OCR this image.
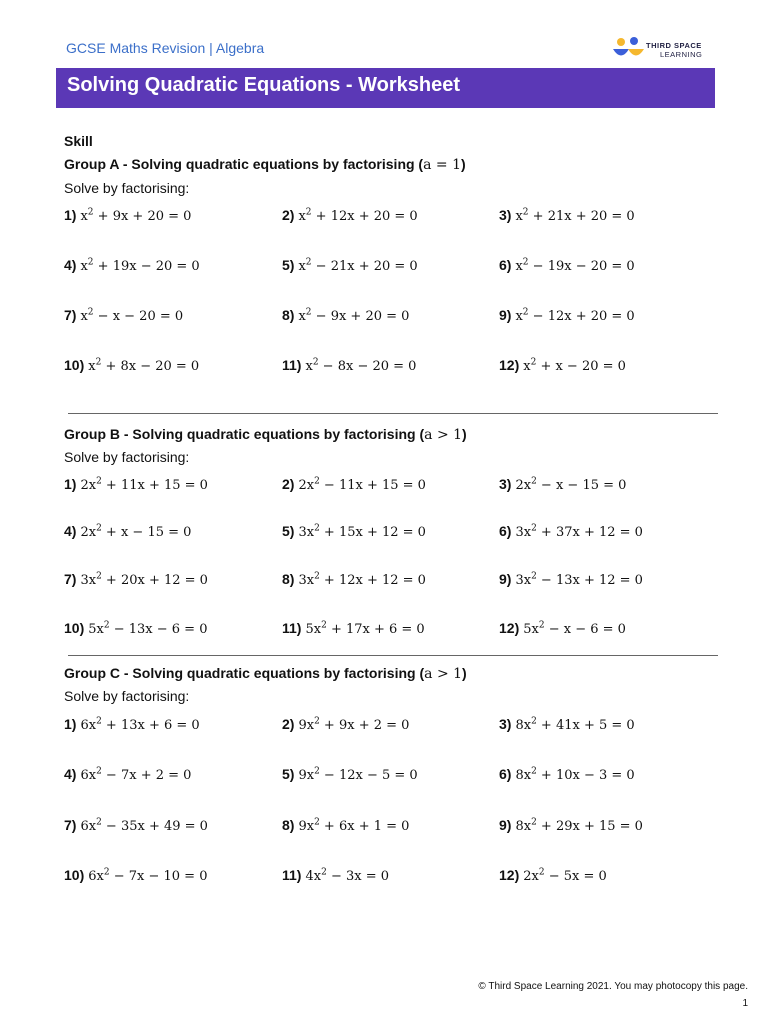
GCSE Maths Revision | Algebra	THIRD SPACE
LEARNING
Solving Quadratic Equations - Worksheet
Skill
Group A - Solving quadratic equations by factorising (a = 1)
Solve by factorising:
1) $x^2 + 9x + 20 = 0$	2) $x^2 + 12x + 20 = 0$	3) $x^2 + 21x + 20 = 0$
4) $x^2 + 19x - 20 = 0$	5) $x^2 - 21x + 20 = 0$	6) $x^2 - 19x - 20 = 0$
7) $x^2 - x - 20 = 0$	8) $x^2 - 9x + 20 = 0$	9) $x^2 - 12x + 20 = 0$
10) $x^2 + 8x - 20 = 0$	11) $x^2 - 8x - 20 = 0$	12) $x^2 + x - 20 = 0$
Group B - Solving quadratic equations by factorising (a > 1)
Solve by factorising:
1) $2x^2 + 11x + 15 = 0$	2) $2x^2 - 11x + 15 = 0$	3) $2x^2 - x - 15 = 0$
4) $2x^2 + x - 15 = 0$	5) $3x^2 + 15x + 12 = 0$	6) $3x^2 + 37x + 12 = 0$
7) $3x^2 + 20x + 12 = 0$	8) $3x^2 + 12x + 12 = 0$	9) $3x^2 - 13x + 12 = 0$
10) $5x^2 - 13x - 6 = 0$	11) $5x^2 + 17x + 6 = 0$	12) $5x^2 - x - 6 = 0$
Group C - Solving quadratic equations by factorising (a > 1)
Solve by factorising:
1) $6x^2 + 13x + 6 = 0$	2) $9x^2 + 9x + 2 = 0$	3) $8x^2 + 41x + 5 = 0$
4) $6x^2 - 7x + 2 = 0$	5) $9x^2 - 12x - 5 = 0$	6) $8x^2 + 10x - 3 = 0$
7) $6x^2 - 35x + 49 = 0$	8) $9x^2 + 6x + 1 = 0$	9) $8x^2 + 29x + 15 = 0$
10) $6x^2 - 7x - 10 = 0$	11) $4x^2 - 3x = 0$	12) $2x^2 - 5x = 0$
© Third Space Learning 2021. You may photocopy this page.
1
